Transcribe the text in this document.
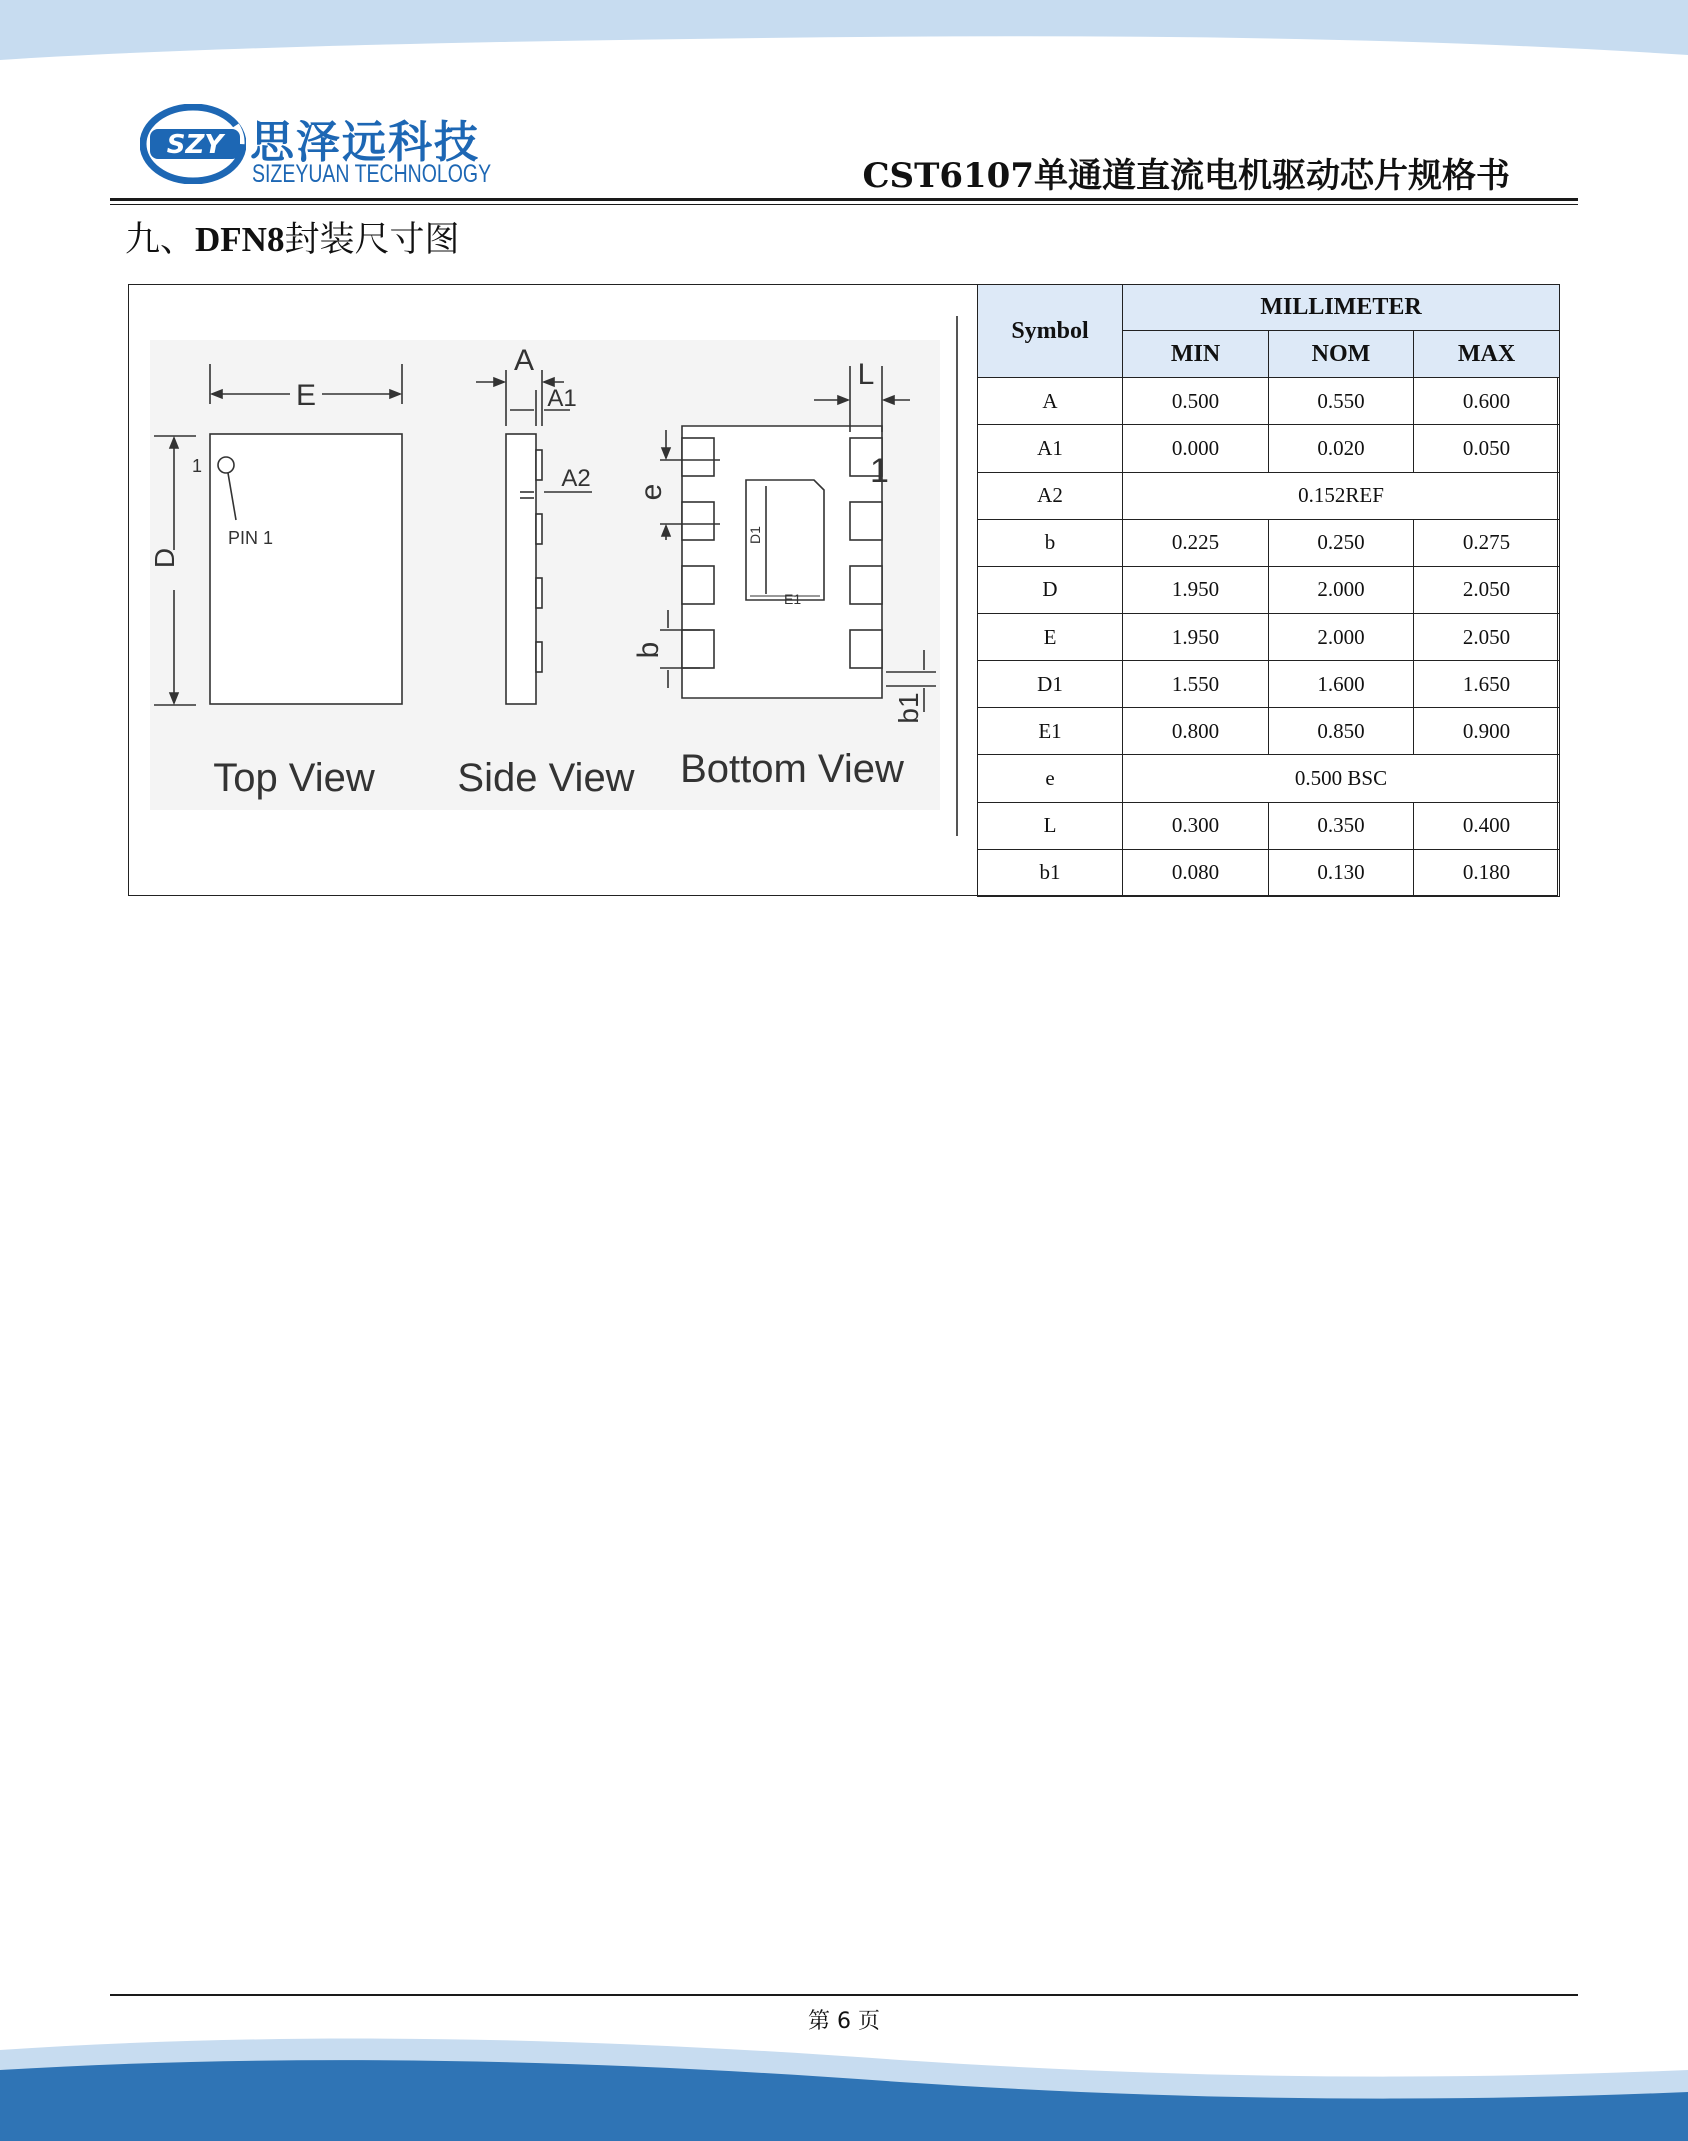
SZY 思泽远科技
SIZEYUAN TECHNOLOGY	CST6107单通道直流电机驱动芯片规格书
九、DFN8封装尺寸图
E
D
1
PIN 1
Top View
A
A1
A2
Side View
D1
E1
1
e
b
L
b1
Bottom View
Symbol	MILLIMETER		
	MIN	NOM	MAX
A	0.500	0.550	0.600
A1	0.000	0.020	0.050
A2	0.152REF		
b	0.225	0.250	0.275
D	1.950	2.000	2.050
E	1.950	2.000	2.050
D1	1.550	1.600	1.650
E1	0.800	0.850	0.900
e	0.500 BSC		
L	0.300	0.350	0.400
b1	0.080	0.130	0.180
第 6 页
